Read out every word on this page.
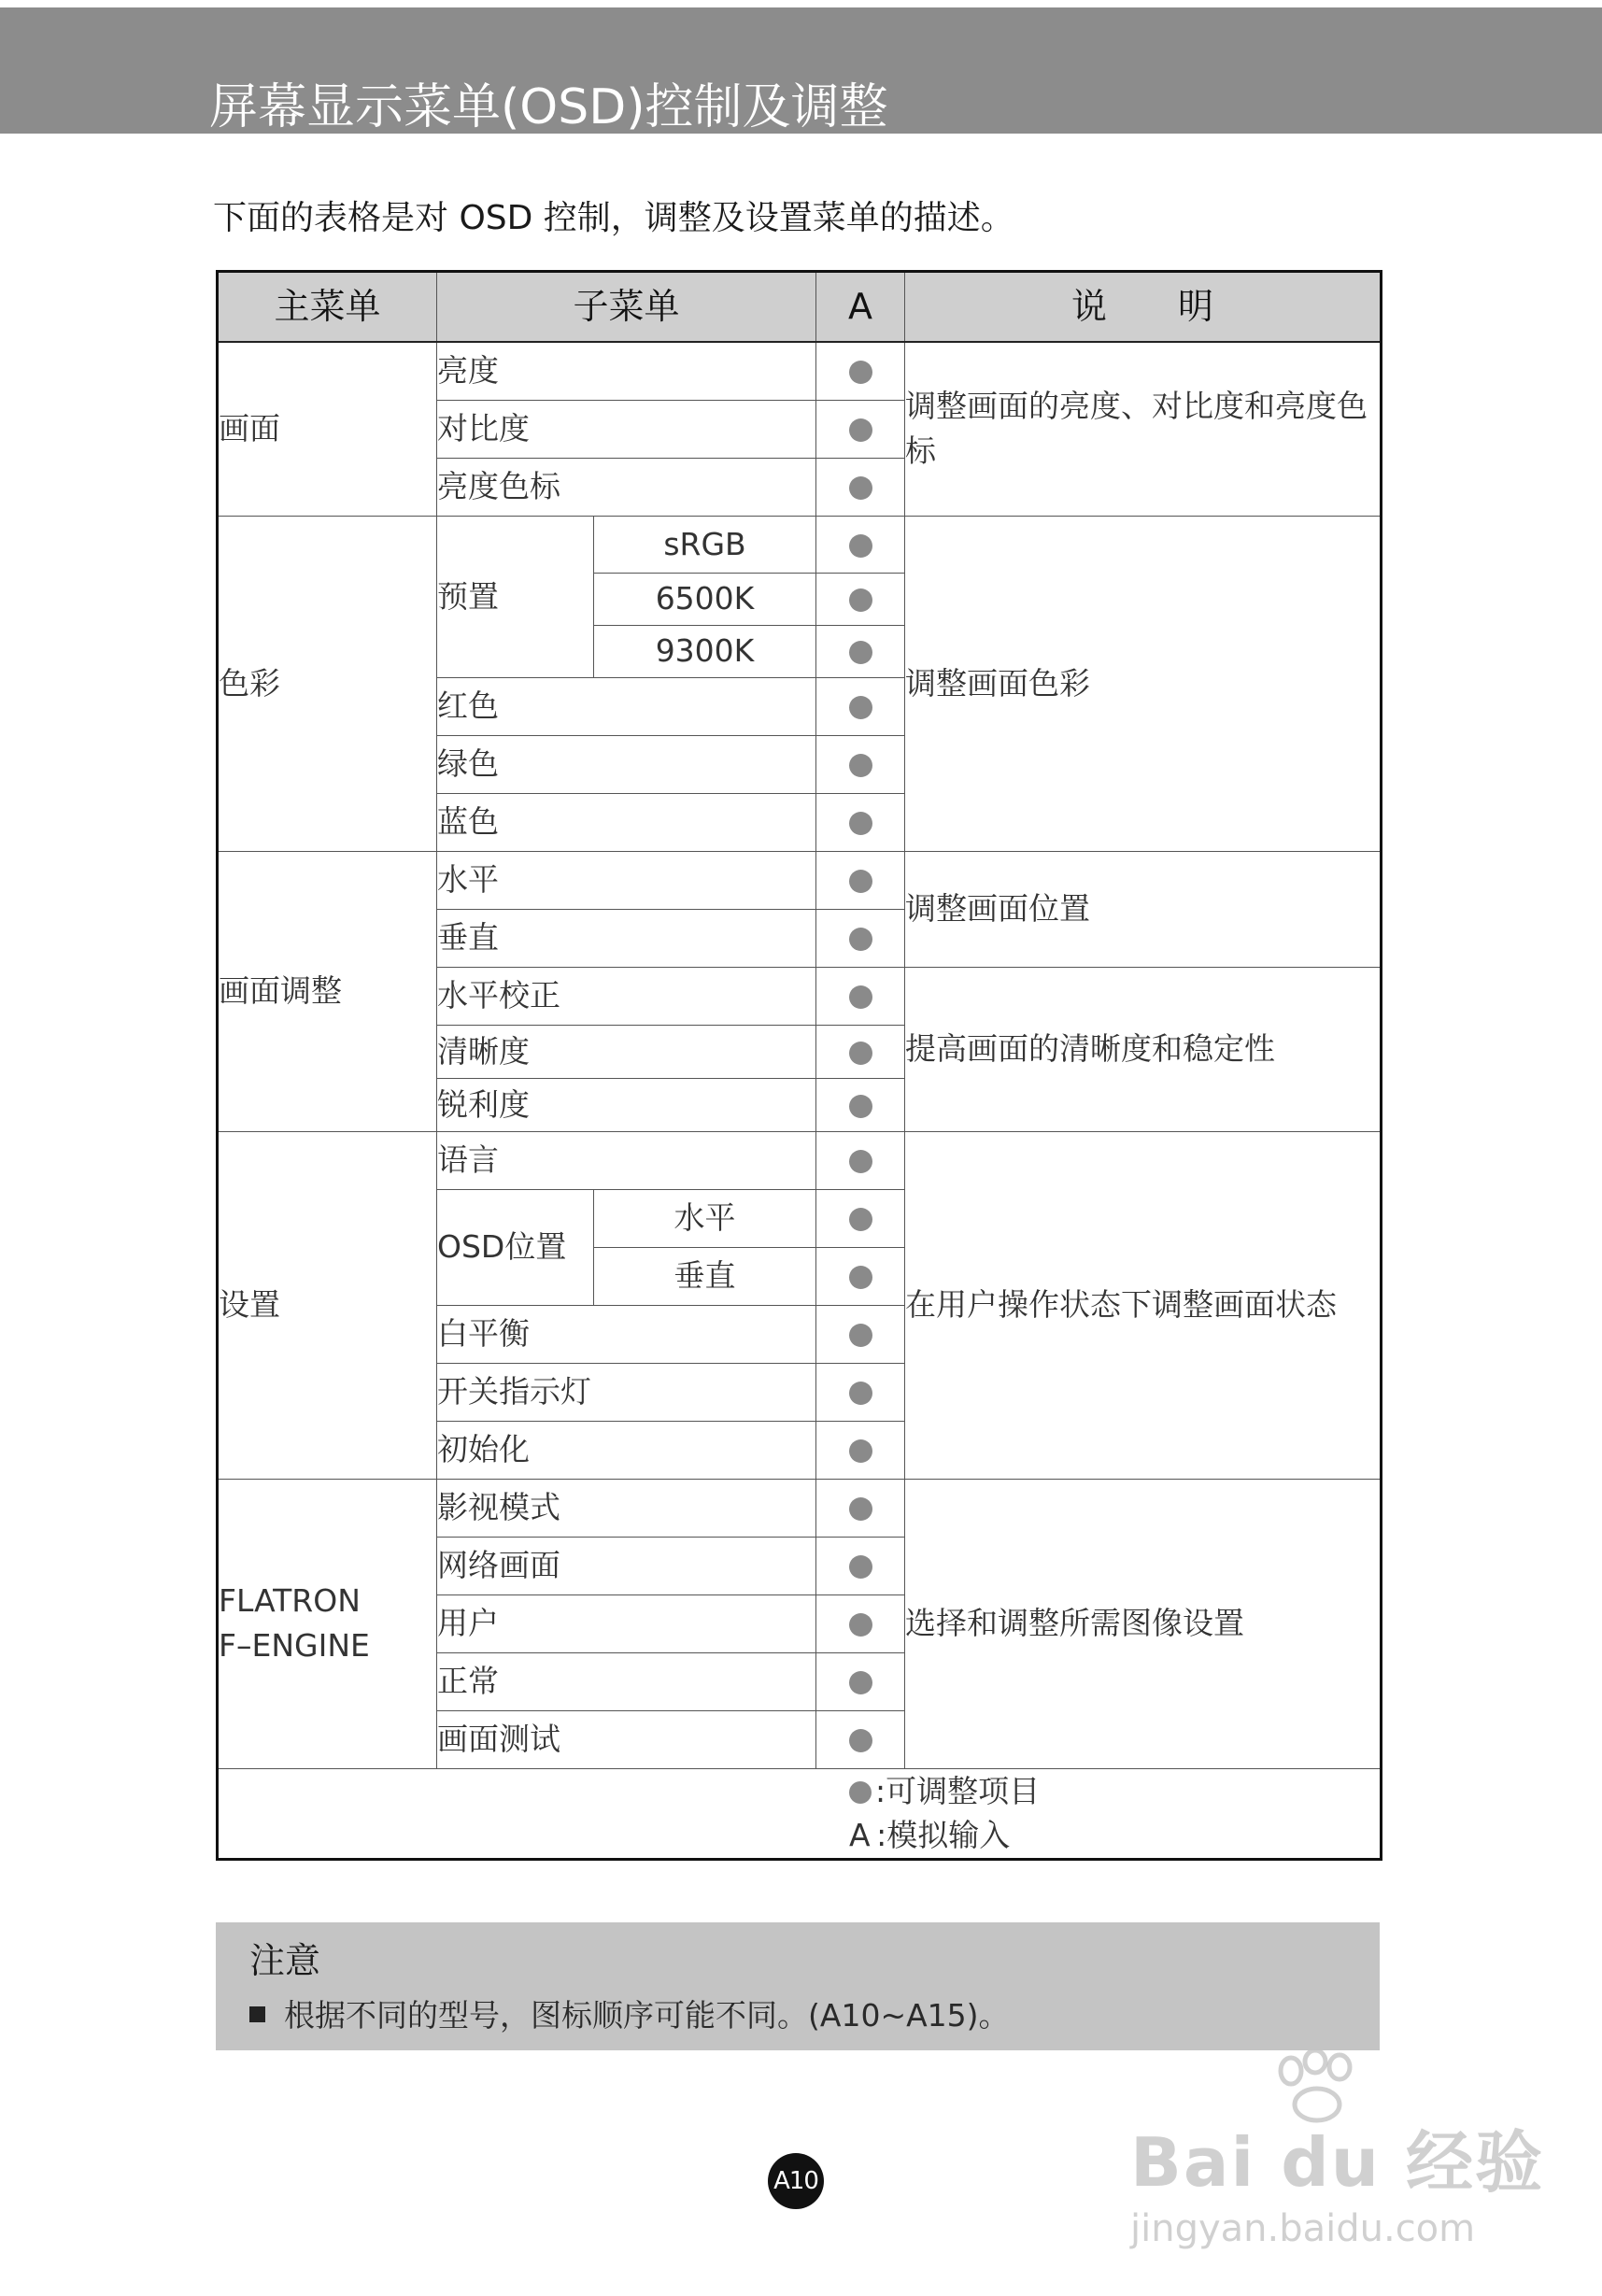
屏幕显示菜单(OSD)控制及调整
下面的表格是对 OSD 控制，调整及设置菜单的描述。
主菜单	子菜单		A	说　　明
画面	亮度			调整画面的亮度、对比度和亮度色标
	对比度			
	亮度色标			
色彩	预置	sRGB		调整画面色彩
		6500K		
		9300K		
	红色			
	绿色			
	蓝色			
画面调整	水平			调整画面位置
	垂直			
	水平校正			提高画面的清晰度和稳定性
	清晰度			
	锐利度			
设置	语言			在用户操作状态下调整画面状态
	OSD位置	水平		
		垂直		
	白平衡			
	开关指示灯			
	初始化			

FLATRON
F–ENGINE	影视模式			选择和调整所需图像设置
	网络画面			
	用户			
	正常			
	画面测试			

:可调整项目
A  :模拟输入				
注意
根据不同的型号，图标顺序可能不同。(A10~A15)。
Bai du 经验
jingyan.baidu.com
A10
